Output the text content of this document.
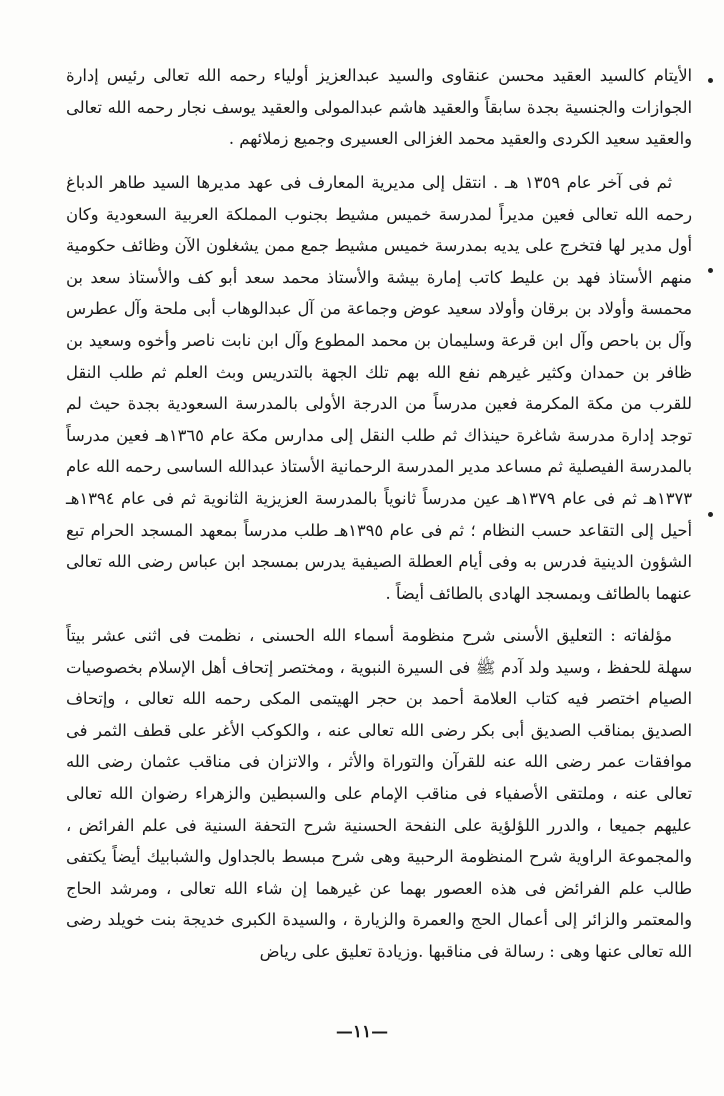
الأيتام كالسيد العقيد محسن عنقاوى والسيد عبدالعزيز أولياء رحمه الله تعالى رئيس إدارة الجوازات والجنسية بجدة سابقاً والعقيد هاشم عبدالمولى والعقيد يوسف نجار رحمه الله تعالى والعقيد سعيد الكردى والعقيد محمد الغزالى العسيرى وجميع زملائهم .

ثم فى آخر عام ١٣٥٩ هـ . انتقل إلى مديرية المعارف فى عهد مديرها السيد طاهر الدباغ رحمه الله تعالى فعين مديراً لمدرسة خميس مشيط بجنوب المملكة العربية السعودية وكان أول مدير لها فتخرج على يديه بمدرسة خميس مشيط جمع ممن يشغلون الآن وظائف حكومية منهم الأستاذ فهد بن عليط كاتب إمارة بيشة والأستاذ محمد سعد أبو كف والأستاذ سعد بن محمسة وأولاد بن برقان وأولاد سعيد عوض وجماعة من آل عبدالوهاب أبى ملحة وآل عطرس وآل بن باحص وآل ابن قرعة وسليمان بن محمد المطوع وآل ابن نابت ناصر وأخوه وسعيد بن ظافر بن حمدان وكثير غيرهم نفع الله بهم تلك الجهة بالتدريس وبث العلم ثم طلب النقل للقرب من مكة المكرمة فعين مدرساً من الدرجة الأولى بالمدرسة السعودية بجدة حيث لم توجد إدارة مدرسة شاغرة حينذاك ثم طلب النقل إلى مدارس مكة عام ١٣٦٥هـ فعين مدرساً بالمدرسة الفيصلية ثم مساعد مدير المدرسة الرحمانية الأستاذ عبدالله الساسى رحمه الله عام ١٣٧٣هـ ثم فى عام ١٣٧٩هـ عين مدرساً ثانوياً بالمدرسة العزيزية الثانوية ثم فى عام ١٣٩٤هـ أحيل إلى التقاعد حسب النظام ؛ ثم فى عام ١٣٩٥هـ طلب مدرساً بمعهد المسجد الحرام تبع الشؤون الدينية فدرس به وفى أيام العطلة الصيفية يدرس بمسجد ابن عباس رضى الله تعالى عنهما بالطائف وبمسجد الهادى بالطائف أيضاً .

مؤلفاته : التعليق الأسنى شرح منظومة أسماء الله الحسنى ، نظمت فى اثنى عشر بيتاً سهلة للحفظ ، وسيد ولد آدم ﷺ فى السيرة النبوية ، ومختصر إتحاف أهل الإسلام بخصوصيات الصيام اختصر فيه كتاب العلامة أحمد بن حجر الهيتمى المكى رحمه الله تعالى ، وإتحاف الصديق بمناقب الصديق أبى بكر رضى الله تعالى عنه ، والكوكب الأغر على قطف الثمر فى موافقات عمر رضى الله عنه للقرآن والتوراة والأثر ، والاتزان فى مناقب عثمان رضى الله تعالى عنه ، وملتقى الأصفياء فى مناقب الإمام على والسبطين والزهراء رضوان الله تعالى عليهم جميعا ، والدرر اللؤلؤية على النفحة الحسنية شرح التحفة السنية فى علم الفرائض ، والمجموعة الراوية شرح المنظومة الرحبية وهى شرح مبسط بالجداول والشبابيك أيضاً يكتفى طالب علم الفرائض فى هذه العصور بهما عن غيرهما إن شاء الله تعالى ، ومرشد الحاج والمعتمر والزائر إلى أعمال الحج والعمرة والزيارة ، والسيدة الكبرى خديجة بنت خويلد رضى الله تعالى عنها وهى : رسالة فى مناقبها .وزيادة تعليق على رياض

—١١—
